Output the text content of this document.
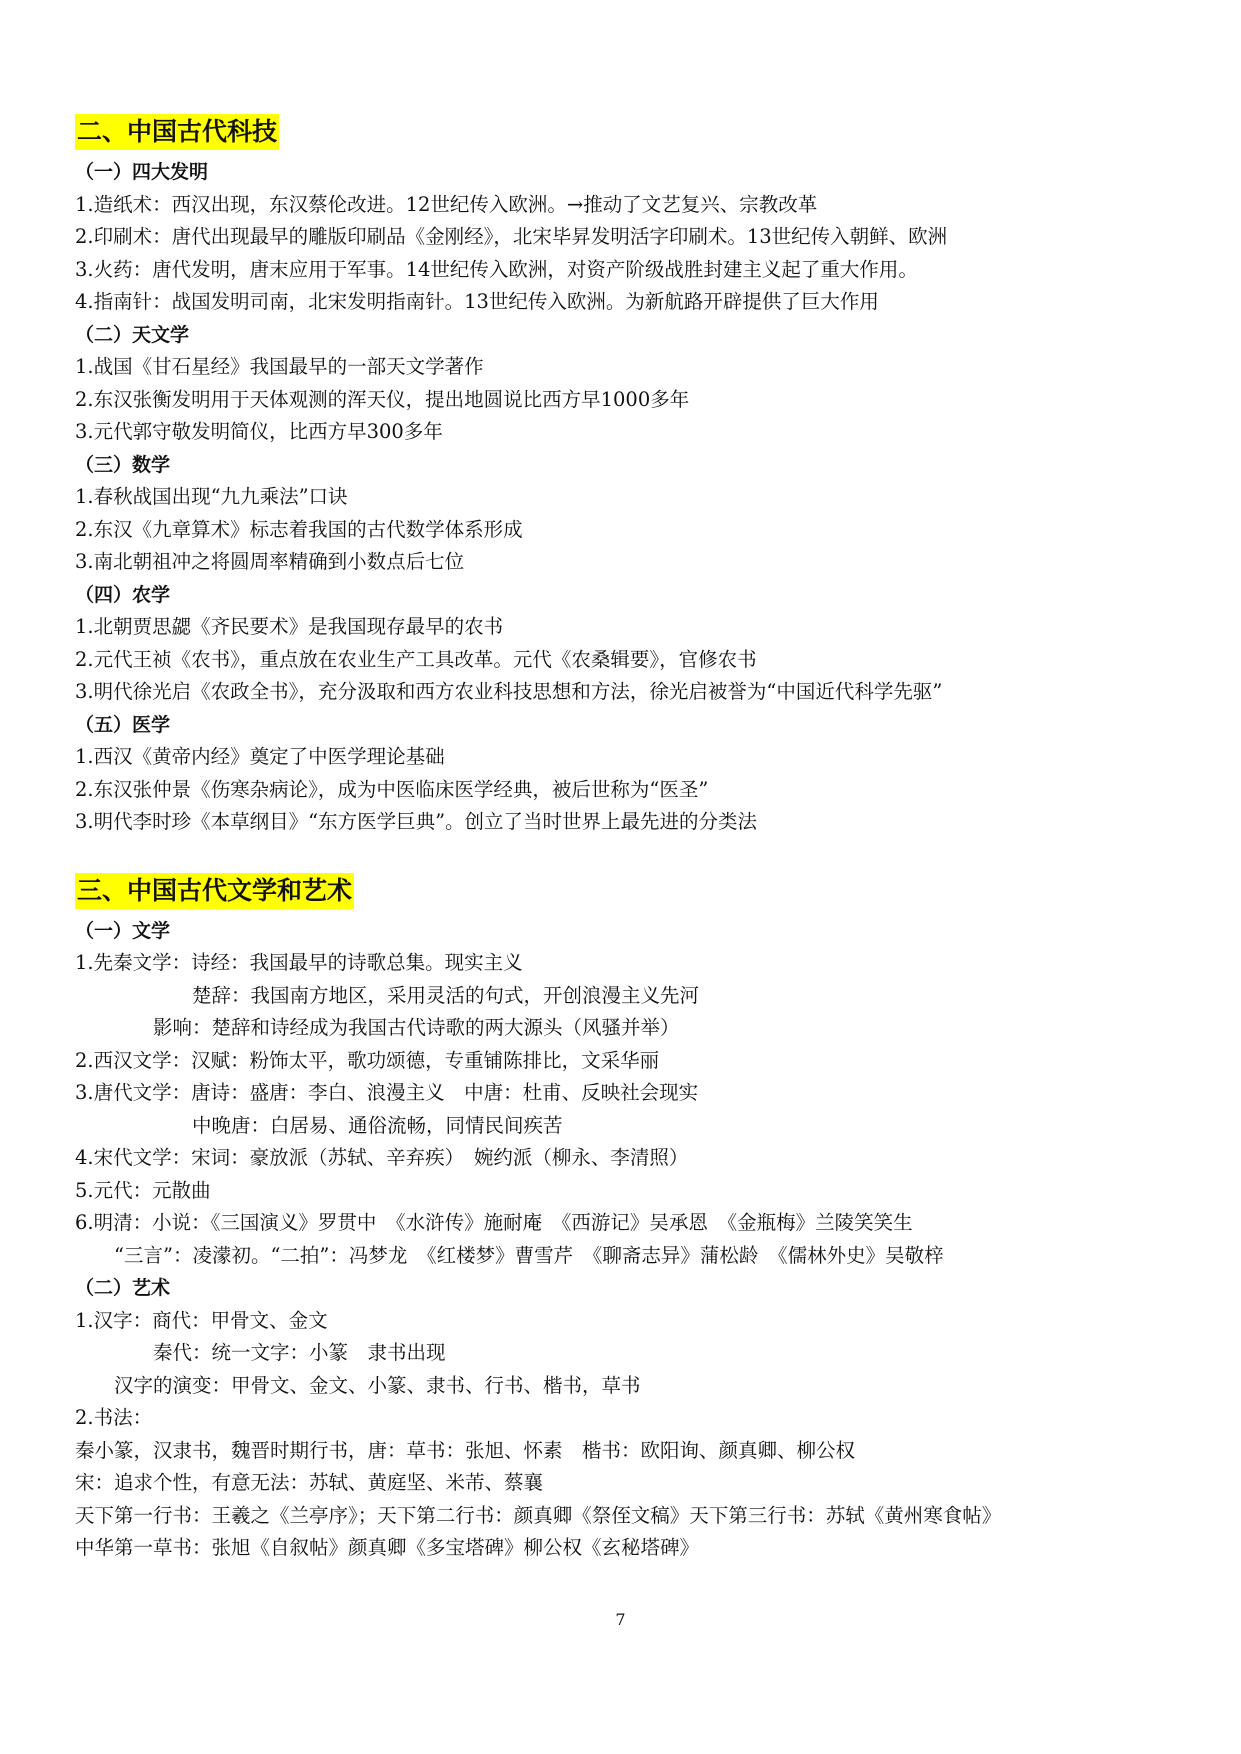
二、中国古代科技
（一）四大发明
1.造纸术：西汉出现，东汉蔡伦改进。12世纪传入欧洲。→推动了文艺复兴、宗教改革
2.印刷术：唐代出现最早的雕版印刷品《金刚经》，北宋毕昇发明活字印刷术。13世纪传入朝鲜、欧洲
3.火药：唐代发明，唐末应用于军事。14世纪传入欧洲，对资产阶级战胜封建主义起了重大作用。
4.指南针：战国发明司南，北宋发明指南针。13世纪传入欧洲。为新航路开辟提供了巨大作用
（二）天文学
1.战国《甘石星经》我国最早的一部天文学著作
2.东汉张衡发明用于天体观测的浑天仪，提出地圆说比西方早1000多年
3.元代郭守敬发明简仪，比西方早300多年
（三）数学
1.春秋战国出现“九九乘法”口诀
2.东汉《九章算术》标志着我国的古代数学体系形成
3.南北朝祖冲之将圆周率精确到小数点后七位
（四）农学
1.北朝贾思勰《齐民要术》是我国现存最早的农书
2.元代王祯《农书》，重点放在农业生产工具改革。元代《农桑辑要》，官修农书
3.明代徐光启《农政全书》，充分汲取和西方农业科技思想和方法，徐光启被誉为“中国近代科学先驱”
（五）医学
1.西汉《黄帝内经》奠定了中医学理论基础
2.东汉张仲景《伤寒杂病论》，成为中医临床医学经典，被后世称为“医圣”
3.明代李时珍《本草纲目》“东方医学巨典”。创立了当时世界上最先进的分类法
三、中国古代文学和艺术
（一）文学
1.先秦文学：诗经：我国最早的诗歌总集。现实主义
　　　　　　楚辞：我国南方地区，采用灵活的句式，开创浪漫主义先河
　　　　影响：楚辞和诗经成为我国古代诗歌的两大源头（风骚并举）
2.西汉文学：汉赋：粉饰太平，歌功颂德，专重铺陈排比，文采华丽
3.唐代文学：唐诗：盛唐：李白、浪漫主义　中唐：杜甫、反映社会现实
　　　　　　中晚唐：白居易、通俗流畅，同情民间疾苦
4.宋代文学：宋词：豪放派（苏轼、辛弃疾）　婉约派（柳永、李清照）
5.元代：元散曲
6.明清：小说：《三国演义》罗贯中　《水浒传》施耐庵　《西游记》吴承恩　《金瓶梅》兰陵笑笑生
　　“三言”：凌濛初。“二拍”：冯梦龙　《红楼梦》曹雪芹　《聊斋志异》蒲松龄　《儒林外史》吴敬梓
（二）艺术
1.汉字：商代：甲骨文、金文
　　　　秦代：统一文字：小篆　隶书出现
　　汉字的演变：甲骨文、金文、小篆、隶书、行书、楷书，草书
2.书法：
秦小篆，汉隶书，魏晋时期行书，唐：草书：张旭、怀素　楷书：欧阳询、颜真卿、柳公权
宋：追求个性，有意无法：苏轼、黄庭坚、米芾、蔡襄
天下第一行书：王羲之《兰亭序》；天下第二行书：颜真卿《祭侄文稿》天下第三行书：苏轼《黄州寒食帖》
中华第一草书：张旭《自叙帖》颜真卿《多宝塔碑》柳公权《玄秘塔碑》
7
